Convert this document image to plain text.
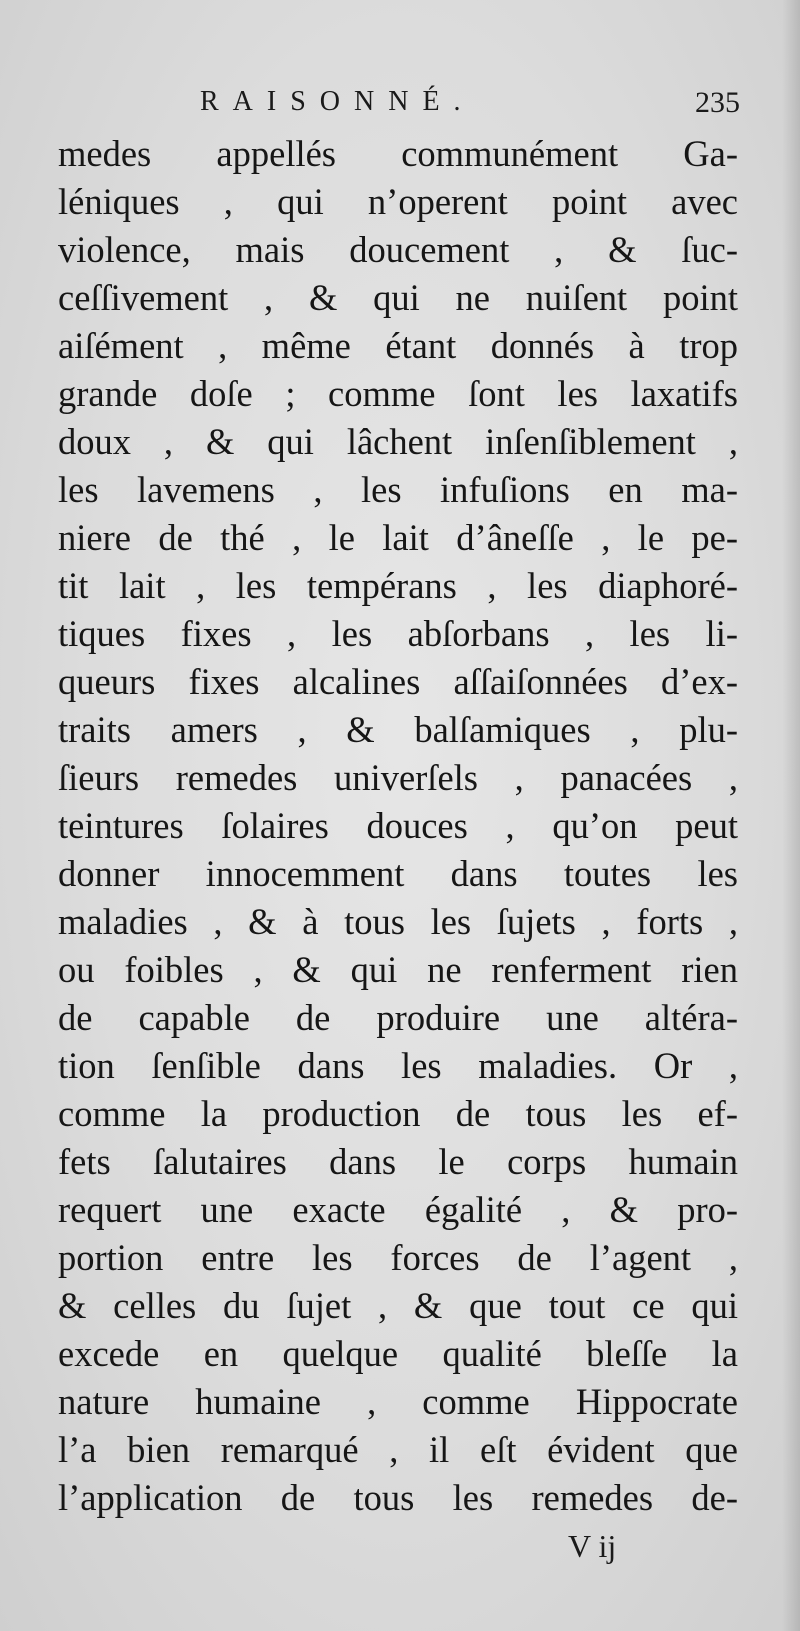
RAISONNÉ.	235
medes appellés communément Ga-
léniques , qui n’operent point avec
violence, mais doucement , & ſuc-
ceſſivement , & qui ne nuiſent point
aiſément , même étant donnés à trop
grande doſe ; comme ſont les laxatifs
doux , & qui lâchent inſenſiblement ,
les lavemens , les infuſions en ma-
niere de thé , le lait d’âneſſe , le pe-
tit lait , les tempérans , les diaphoré-
tiques fixes , les abſorbans , les li-
queurs fixes alcalines aſſaiſonnées d’ex-
traits amers , & balſamiques , plu-
ſieurs remedes univerſels , panacées ,
teintures ſolaires douces , qu’on peut
donner innocemment dans toutes les
maladies , & à tous les ſujets , forts ,
ou foibles , & qui ne renferment rien
de capable de produire une altéra-
tion ſenſible dans les maladies. Or ,
comme la production de tous les ef-
fets ſalutaires dans le corps humain
requert une exacte égalité , & pro-
portion entre les forces de l’agent ,
& celles du ſujet , & que tout ce qui
excede en quelque qualité bleſſe la
nature humaine , comme Hippocrate
l’a bien remarqué , il eſt évident que
l’application de tous les remedes de-
V ij
